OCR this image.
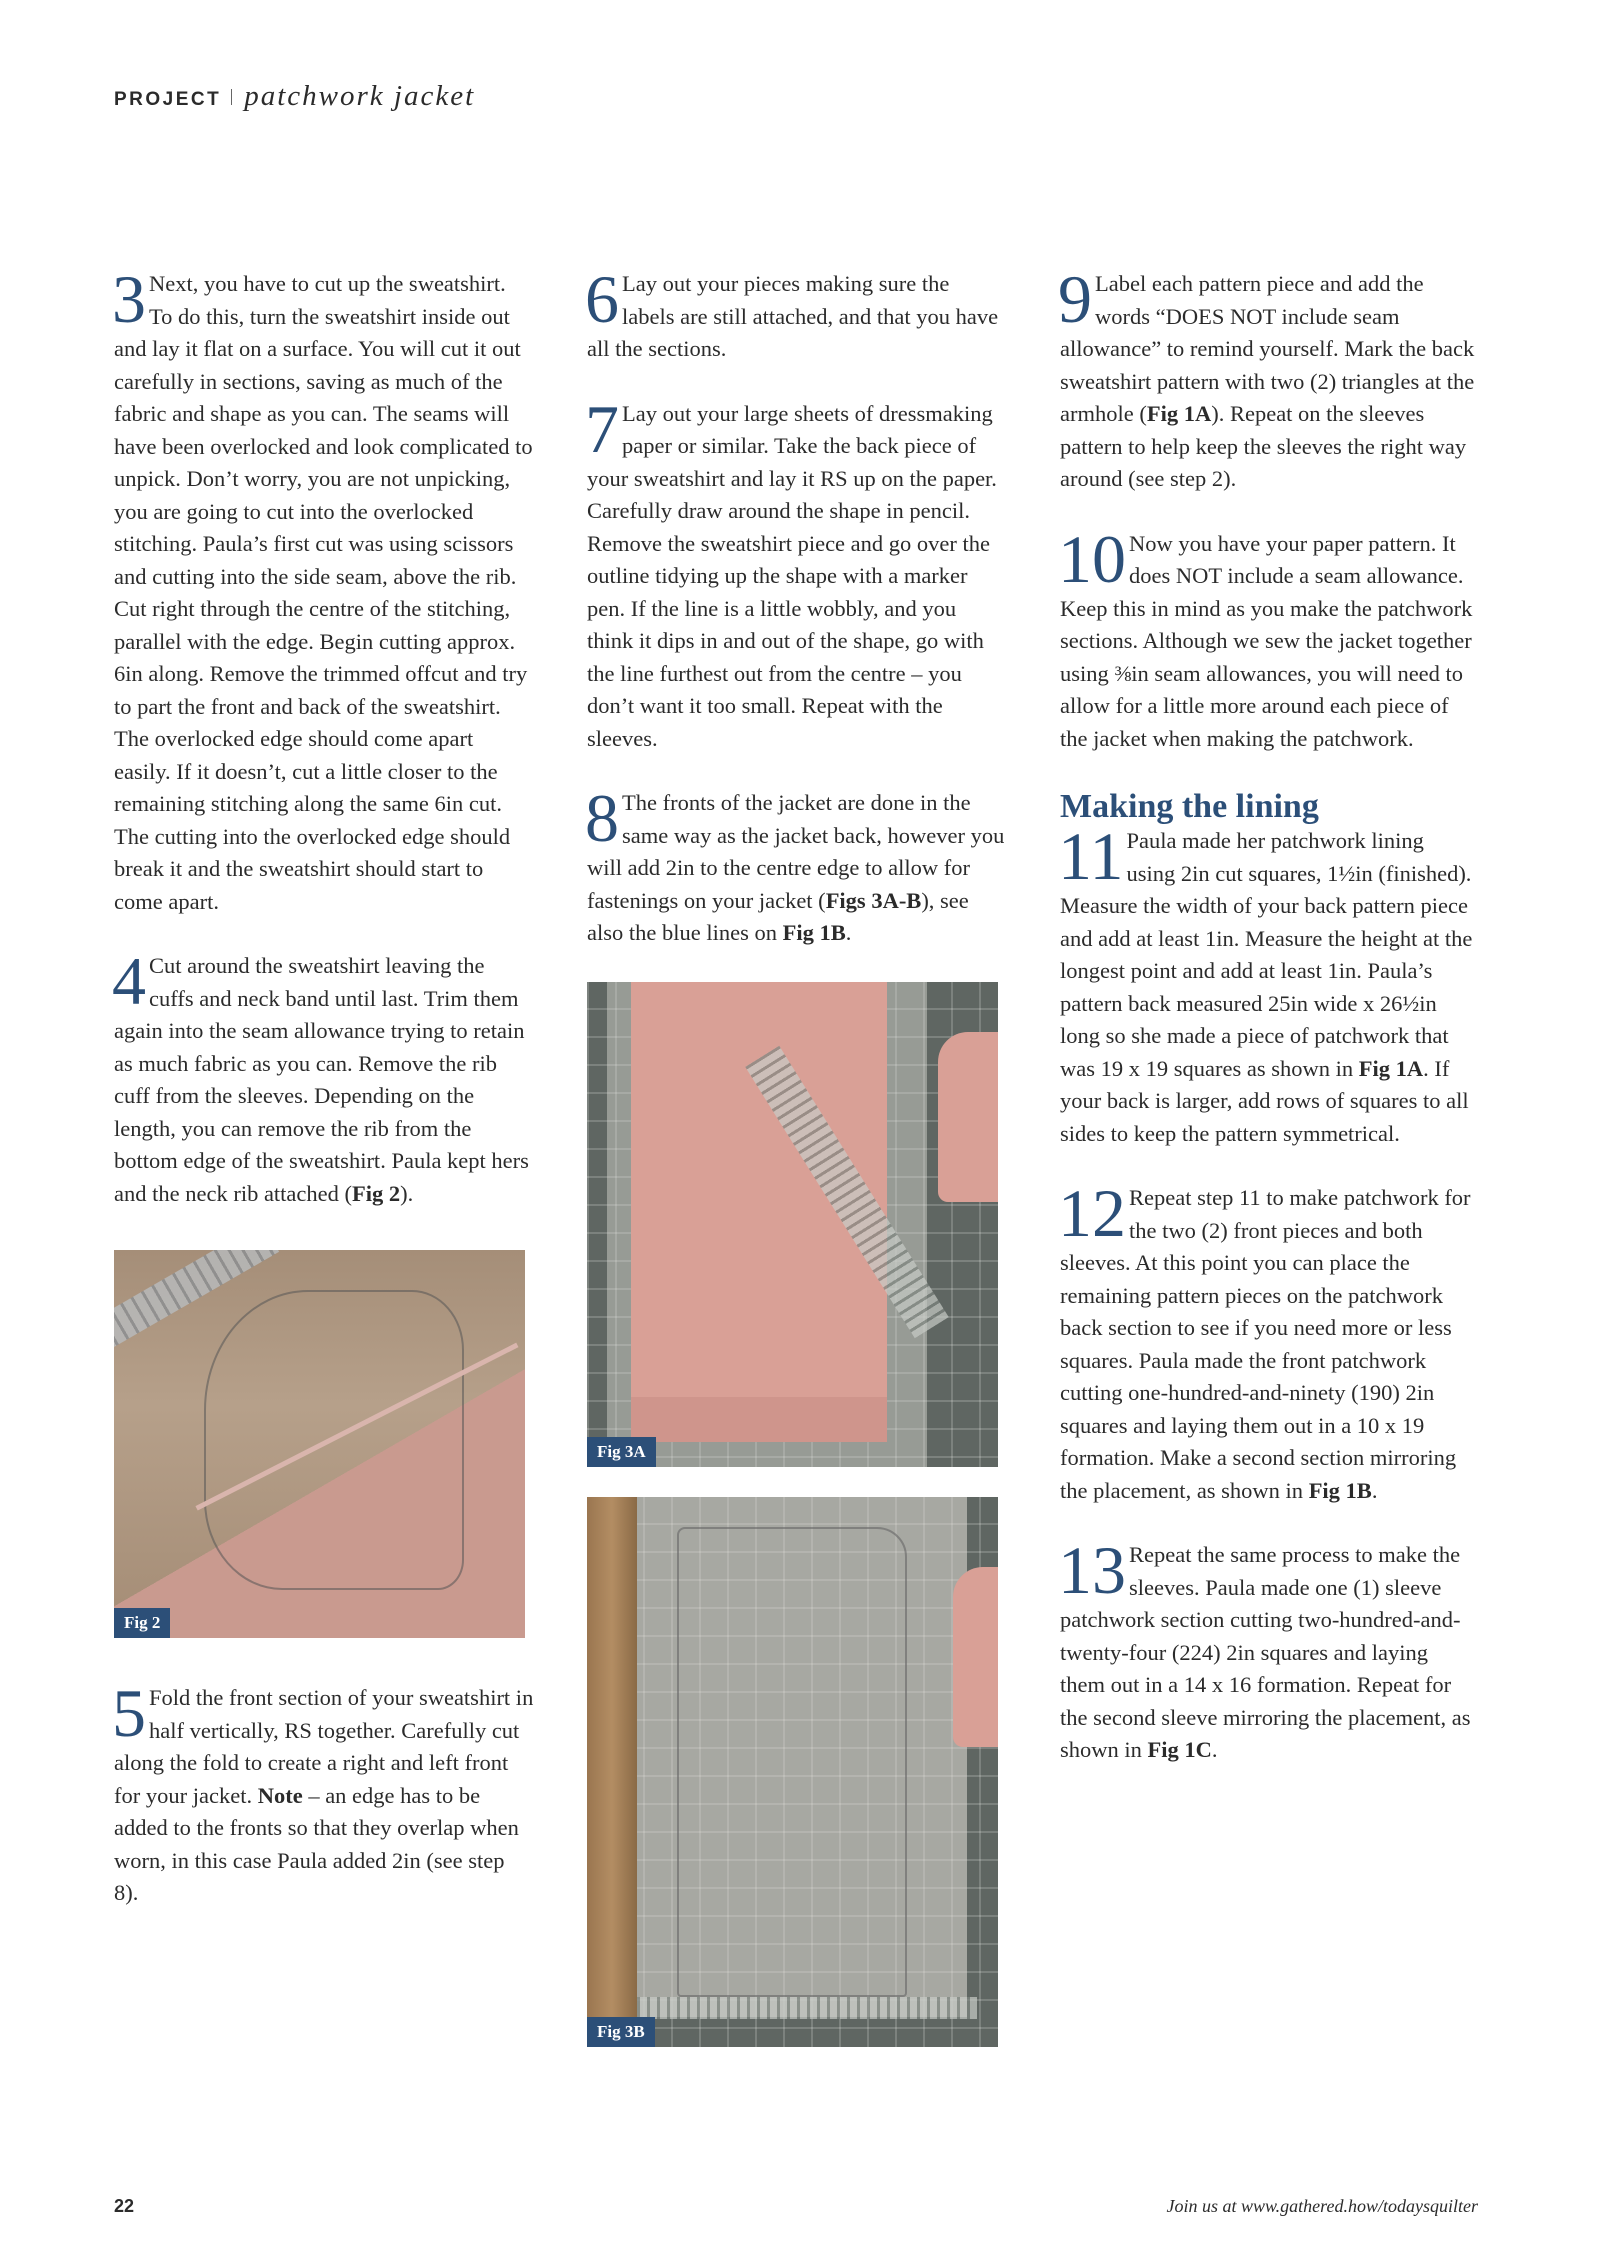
PROJECT patchwork jacket
3 Next, you have to cut up the sweatshirt. To do this, turn the sweatshirt inside out and lay it flat on a surface. You will cut it out carefully in sections, saving as much of the fabric and shape as you can. The seams will have been overlocked and look complicated to unpick. Don’t worry, you are not unpicking, you are going to cut into the overlocked stitching. Paula’s first cut was using scissors and cutting into the side seam, above the rib. Cut right through the centre of the stitching, parallel with the edge. Begin cutting approx. 6in along. Remove the trimmed offcut and try to part the front and back of the sweatshirt. The overlocked edge should come apart easily. If it doesn’t, cut a little closer to the remaining stitching along the same 6in cut. The cutting into the overlocked edge should break it and the sweatshirt should start to come apart.
4 Cut around the sweatshirt leaving the cuffs and neck band until last. Trim them again into the seam allowance trying to retain as much fabric as you can. Remove the rib cuff from the sleeves. Depending on the length, you can remove the rib from the bottom edge of the sweatshirt. Paula kept hers and the neck rib attached (Fig 2).
Fig 2
5 Fold the front section of your sweatshirt in half vertically, RS together. Carefully cut along the fold to create a right and left front for your jacket. Note – an edge has to be added to the fronts so that they overlap when worn, in this case Paula added 2in (see step 8).
6 Lay out your pieces making sure the labels are still attached, and that you have all the sections.
7 Lay out your large sheets of dressmaking paper or similar. Take the back piece of your sweatshirt and lay it RS up on the paper. Carefully draw around the shape in pencil. Remove the sweatshirt piece and go over the outline tidying up the shape with a marker pen. If the line is a little wobbly, and you think it dips in and out of the shape, go with the line furthest out from the centre – you don’t want it too small. Repeat with the sleeves.
8 The fronts of the jacket are done in the same way as the jacket back, however you will add 2in to the centre edge to allow for fastenings on your jacket (Figs 3A-B), see also the blue lines on Fig 1B.
Fig 3A
Fig 3B
9 Label each pattern piece and add the words “DOES NOT include seam allowance” to remind yourself. Mark the back sweatshirt pattern with two (2) triangles at the armhole (Fig 1A). Repeat on the sleeves pattern to help keep the sleeves the right way around (see step 2).
10 Now you have your paper pattern. It does NOT include a seam allowance. Keep this in mind as you make the patchwork sections. Although we sew the jacket together using ⅜in seam allowances, you will need to allow for a little more around each piece of the jacket when making the patchwork.
Making the lining
11 Paula made her patchwork lining using 2in cut squares, 1½in (finished). Measure the width of your back pattern piece and add at least 1in. Measure the height at the longest point and add at least 1in. Paula’s pattern back measured 25in wide x 26½in long so she made a piece of patchwork that was 19 x 19 squares as shown in Fig 1A. If your back is larger, add rows of squares to all sides to keep the pattern symmetrical.
12 Repeat step 11 to make patchwork for the two (2) front pieces and both sleeves. At this point you can place the remaining pattern pieces on the patchwork back section to see if you need more or less squares. Paula made the front patchwork cutting one-hundred-and-ninety (190) 2in squares and laying them out in a 10 x 19 formation. Make a second section mirroring the placement, as shown in Fig 1B.
13 Repeat the same process to make the sleeves. Paula made one (1) sleeve patchwork section cutting two-hundred-and-twenty-four (224) 2in squares and laying them out in a 14 x 16 formation. Repeat for the second sleeve mirroring the placement, as shown in Fig 1C.
22	Join us at www.gathered.how/todaysquilter
